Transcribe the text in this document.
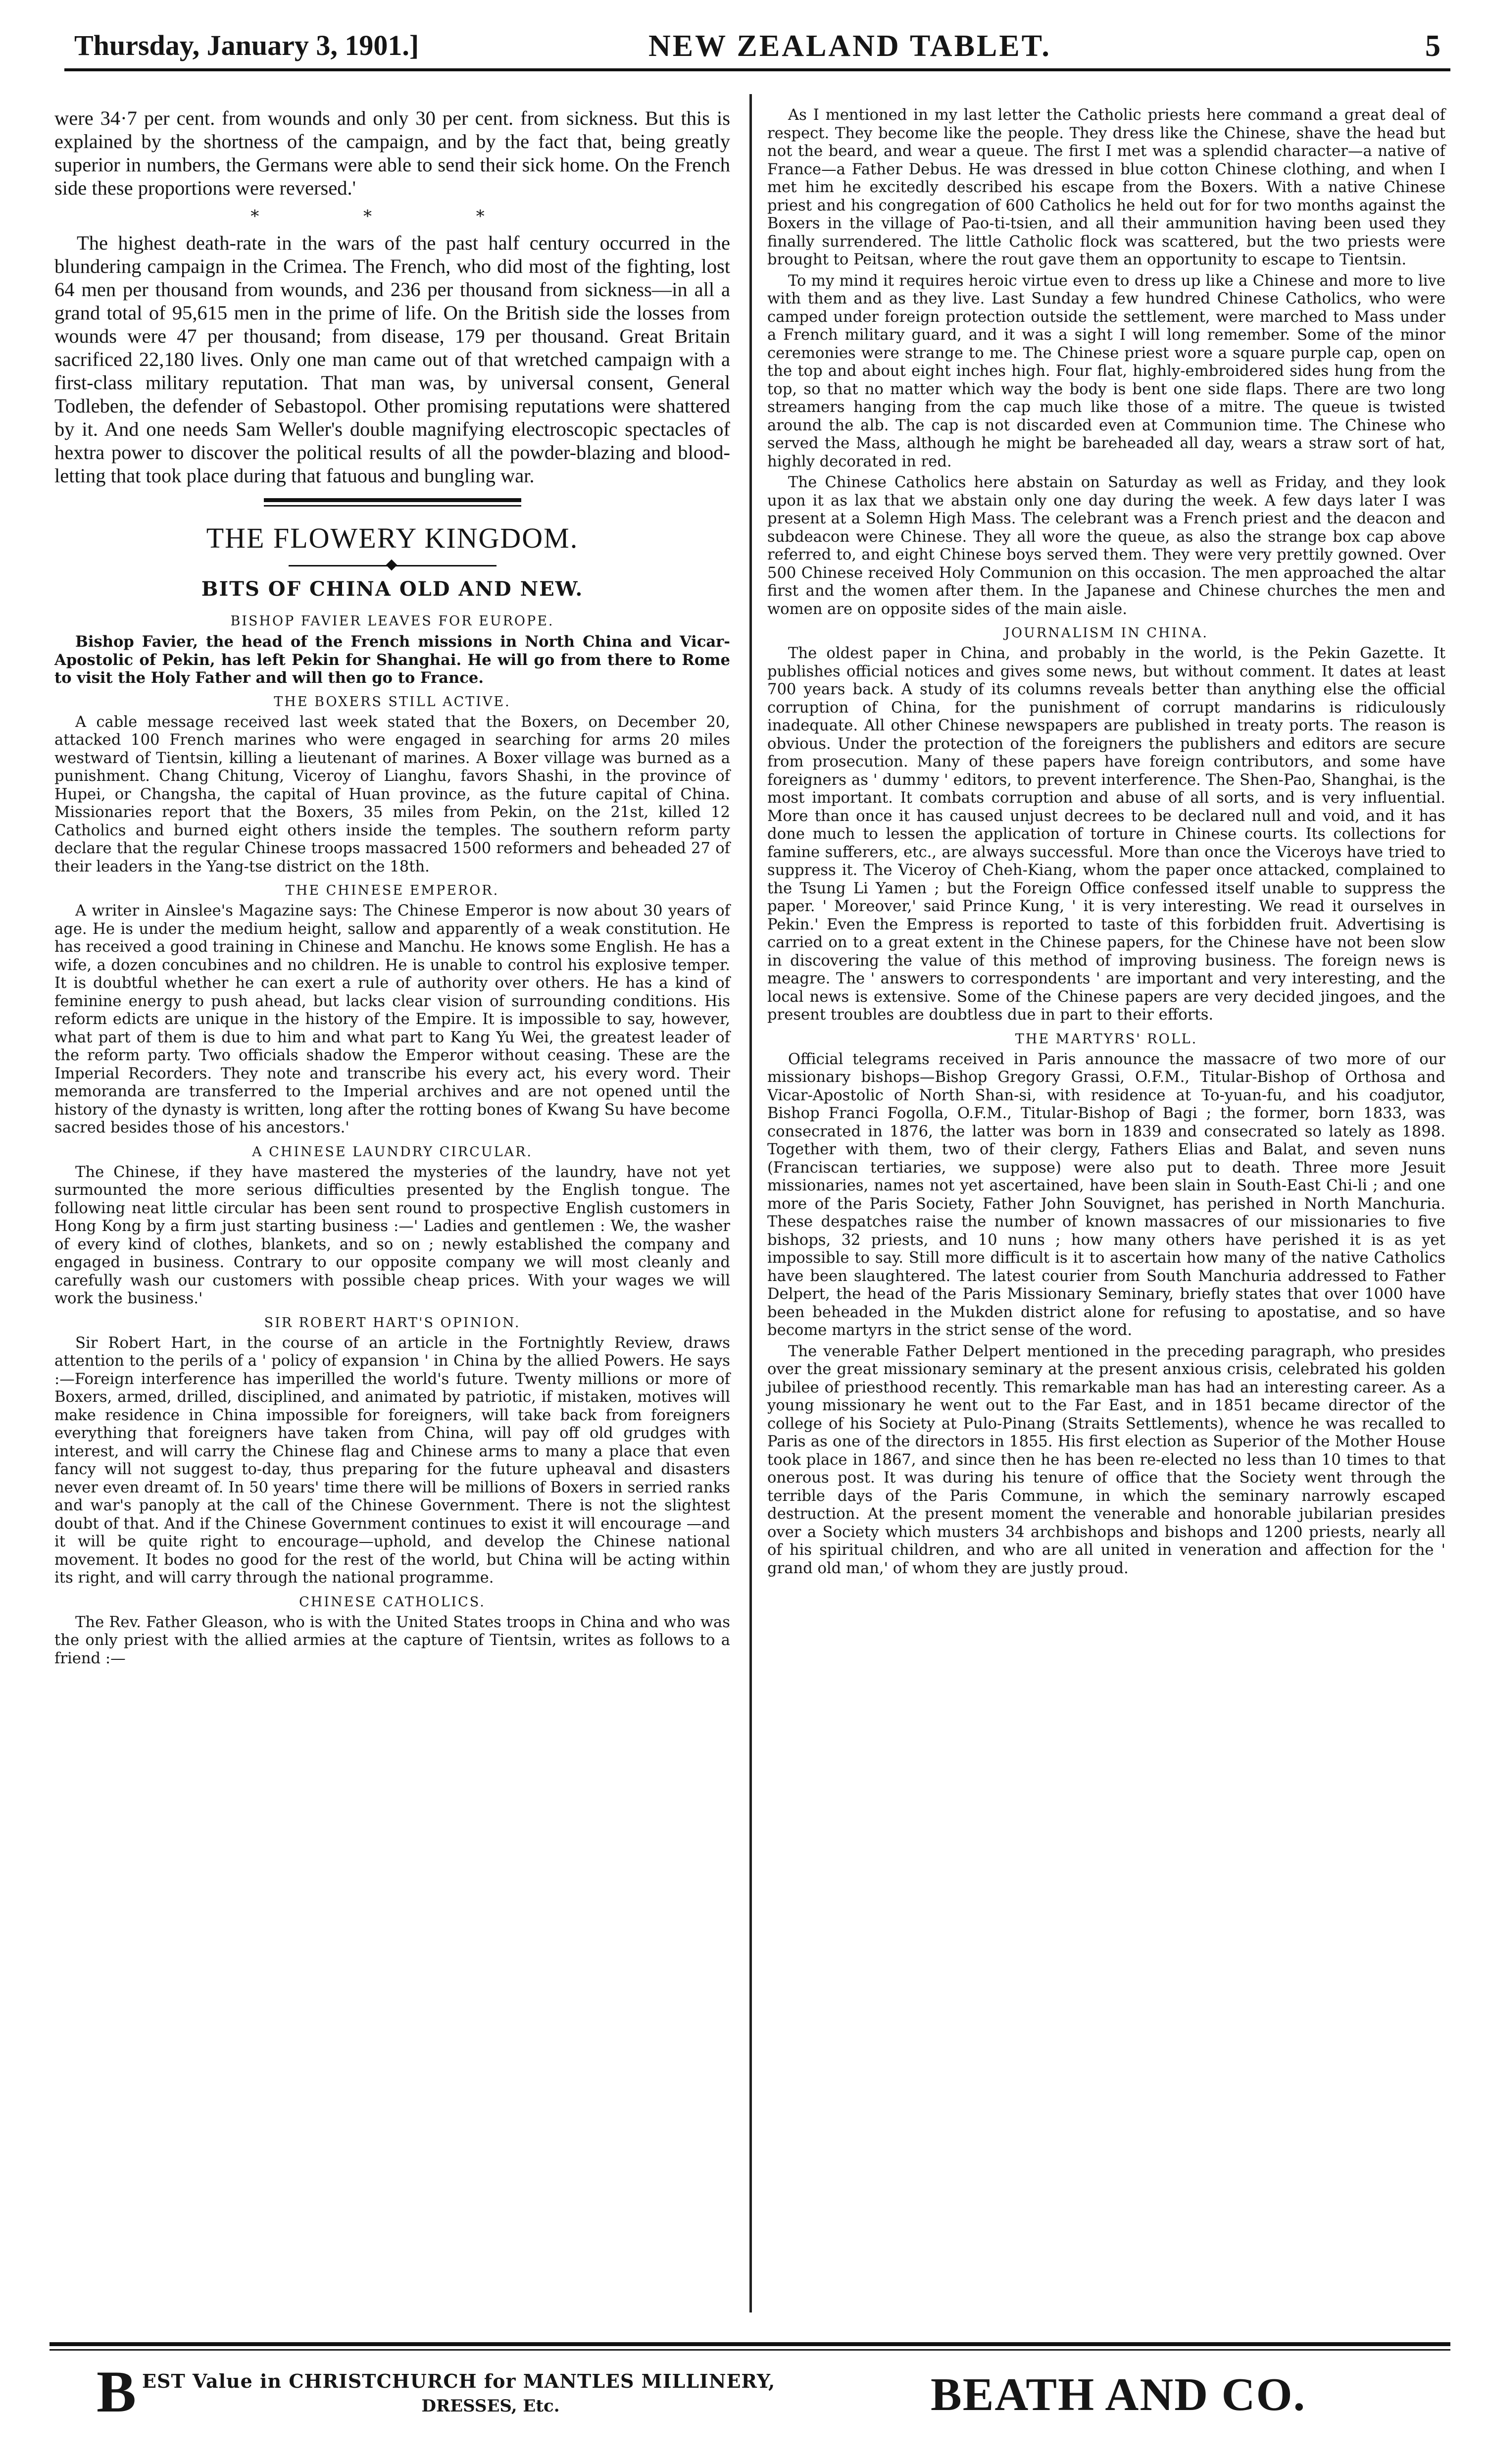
Thursday, January 3, 1901.]	NEW ZEALAND TABLET.	5

were 34·7 per cent. from wounds and only 30 per cent. from sickness. But this is explained by the shortness of the campaign, and by the fact that, being greatly superior in numbers, the Germans were able to send their sick home. On the French side these proportions were reversed.'

* * *

The highest death-rate in the wars of the past half century occurred in the blundering campaign in the Crimea. The French, who did most of the fighting, lost 64 men per thousand from wounds, and 236 per thousand from sickness—in all a grand total of 95,615 men in the prime of life. On the British side the losses from wounds were 47 per thousand; from disease, 179 per thousand. Great Britain sacrificed 22,180 lives. Only one man came out of that wretched campaign with a first-class military reputation. That man was, by universal consent, General Todleben, the defender of Sebastopol. Other promising reputations were shattered by it. And one needs Sam Weller's double magnifying electroscopic spectacles of hextra power to discover the political results of all the powder-blazing and blood-letting that took place during that fatuous and bungling war.

THE FLOWERY KINGDOM.
BITS OF CHINA OLD AND NEW.
BISHOP FAVIER LEAVES FOR EUROPE.

Bishop Favier, the head of the French missions in North China and Vicar-Apostolic of Pekin, has left Pekin for Shanghai. He will go from there to Rome to visit the Holy Father and will then go to France.

THE BOXERS STILL ACTIVE.

A cable message received last week stated that the Boxers, on December 20, attacked 100 French marines who were engaged in searching for arms 20 miles westward of Tientsin, killing a lieutenant of marines. A Boxer village was burned as a punishment. Chang Chitung, Viceroy of Lianghu, favors Shashi, in the province of Hupei, or Changsha, the capital of Huan province, as the future capital of China. Missionaries report that the Boxers, 35 miles from Pekin, on the 21st, killed 12 Catholics and burned eight others inside the temples. The southern reform party declare that the regular Chinese troops massacred 1500 reformers and beheaded 27 of their leaders in the Yang-tse district on the 18th.

THE CHINESE EMPEROR.

A writer in Ainslee's Magazine says: The Chinese Emperor is now about 30 years of age. He is under the medium height, sallow and apparently of a weak constitution. He has received a good training in Chinese and Manchu. He knows some English. He has a wife, a dozen concubines and no children. He is unable to control his explosive temper. It is doubtful whether he can exert a rule of authority over others. He has a kind of feminine energy to push ahead, but lacks clear vision of surrounding conditions. His reform edicts are unique in the history of the Empire. It is impossible to say, however, what part of them is due to him and what part to Kang Yu Wei, the greatest leader of the reform party. Two officials shadow the Emperor without ceasing. These are the Imperial Recorders. They note and transcribe his every act, his every word. Their memoranda are transferred to the Imperial archives and are not opened until the history of the dynasty is written, long after the rotting bones of Kwang Su have become sacred besides those of his ancestors.'

A CHINESE LAUNDRY CIRCULAR.

The Chinese, if they have mastered the mysteries of the laundry, have not yet surmounted the more serious difficulties presented by the English tongue. The following neat little circular has been sent round to prospective English customers in Hong Kong by a firm just starting business :—' Ladies and gentlemen : We, the washer of every kind of clothes, blankets, and so on ; newly established the company and engaged in business. Contrary to our opposite company we will most cleanly and carefully wash our customers with possible cheap prices. With your wages we will work the business.'

SIR ROBERT HART'S OPINION.

Sir Robert Hart, in the course of an article in the Fortnightly Review, draws attention to the perils of a ' policy of expansion ' in China by the allied Powers. He says :—Foreign interference has imperilled the world's future. Twenty millions or more of Boxers, armed, drilled, disciplined, and animated by patriotic, if mistaken, motives will make residence in China impossible for foreigners, will take back from foreigners everything that foreigners have taken from China, will pay off old grudges with interest, and will carry the Chinese flag and Chinese arms to many a place that even fancy will not suggest to-day, thus preparing for the future upheaval and disasters never even dreamt of. In 50 years' time there will be millions of Boxers in serried ranks and war's panoply at the call of the Chinese Government. There is not the slightest doubt of that. And if the Chinese Government continues to exist it will encourage —and it will be quite right to encourage—uphold, and develop the Chinese national movement. It bodes no good for the rest of the world, but China will be acting within its right, and will carry through the national programme.

CHINESE CATHOLICS.

The Rev. Father Gleason, who is with the United States troops in China and who was the only priest with the allied armies at the capture of Tientsin, writes as follows to a friend :—

As I mentioned in my last letter the Catholic priests here command a great deal of respect. They become like the people. They dress like the Chinese, shave the head but not the beard, and wear a queue. The first I met was a splendid character—a native of France—a Father Debus. He was dressed in blue cotton Chinese clothing, and when I met him he excitedly described his escape from the Boxers. With a native Chinese priest and his congregation of 600 Catholics he held out for for two months against the Boxers in the village of Pao-ti-tsien, and all their ammunition having been used they finally surrendered. The little Catholic flock was scattered, but the two priests were brought to Peitsan, where the rout gave them an opportunity to escape to Tientsin.

To my mind it requires heroic virtue even to dress up like a Chinese and more to live with them and as they live. Last Sunday a few hundred Chinese Catholics, who were camped under foreign protection outside the settlement, were marched to Mass under a French military guard, and it was a sight I will long remember. Some of the minor ceremonies were strange to me. The Chinese priest wore a square purple cap, open on the top and about eight inches high. Four flat, highly-embroidered sides hung from the top, so that no matter which way the body is bent one side flaps. There are two long streamers hanging from the cap much like those of a mitre. The queue is twisted around the alb. The cap is not discarded even at Communion time. The Chinese who served the Mass, although he might be bareheaded all day, wears a straw sort of hat, highly decorated in red.

The Chinese Catholics here abstain on Saturday as well as Friday, and they look upon it as lax that we abstain only one day during the week. A few days later I was present at a Solemn High Mass. The celebrant was a French priest and the deacon and subdeacon were Chinese. They all wore the queue, as also the strange box cap above referred to, and eight Chinese boys served them. They were very prettily gowned. Over 500 Chinese received Holy Communion on this occasion. The men approached the altar first and the women after them. In the Japanese and Chinese churches the men and women are on opposite sides of the main aisle.

JOURNALISM IN CHINA.

The oldest paper in China, and probably in the world, is the Pekin Gazette. It publishes official notices and gives some news, but without comment. It dates at least 700 years back. A study of its columns reveals better than anything else the official corruption of China, for the punishment of corrupt mandarins is ridiculously inadequate. All other Chinese newspapers are published in treaty ports. The reason is obvious. Under the protection of the foreigners the publishers and editors are secure from prosecution. Many of these papers have foreign contributors, and some have foreigners as ' dummy ' editors, to prevent interference. The Shen-Pao, Shanghai, is the most important. It combats corruption and abuse of all sorts, and is very influential. More than once it has caused unjust decrees to be declared null and void, and it has done much to lessen the application of torture in Chinese courts. Its collections for famine sufferers, etc., are always successful. More than once the Viceroys have tried to suppress it. The Viceroy of Cheh-Kiang, whom the paper once attacked, complained to the Tsung Li Yamen ; but the Foreign Office confessed itself unable to suppress the paper. ' Moreover,' said Prince Kung, ' it is very interesting. We read it ourselves in Pekin.' Even the Empress is reported to taste of this forbidden fruit. Advertising is carried on to a great extent in the Chinese papers, for the Chinese have not been slow in discovering the value of this method of improving business. The foreign news is meagre. The ' answers to correspondents ' are important and very interesting, and the local news is extensive. Some of the Chinese papers are very decided jingoes, and the present troubles are doubtless due in part to their efforts.

THE MARTYRS' ROLL.

Official telegrams received in Paris announce the massacre of two more of our missionary bishops—Bishop Gregory Grassi, O.F.M., Titular-Bishop of Orthosa and Vicar-Apostolic of North Shan-si, with residence at To-yuan-fu, and his coadjutor, Bishop Franci Fogolla, O.F.M., Titular-Bishop of Bagi ; the former, born 1833, was consecrated in 1876, the latter was born in 1839 and consecrated so lately as 1898. Together with them, two of their clergy, Fathers Elias and Balat, and seven nuns (Franciscan tertiaries, we suppose) were also put to death. Three more Jesuit missionaries, names not yet ascertained, have been slain in South-East Chi-li ; and one more of the Paris Society, Father John Souvignet, has perished in North Manchuria. These despatches raise the number of known massacres of our missionaries to five bishops, 32 priests, and 10 nuns ; how many others have perished it is as yet impossible to say. Still more difficult is it to ascertain how many of the native Catholics have been slaughtered. The latest courier from South Manchuria addressed to Father Delpert, the head of the Paris Missionary Seminary, briefly states that over 1000 have been beheaded in the Mukden district alone for refusing to apostatise, and so have become martyrs in the strict sense of the word.

The venerable Father Delpert mentioned in the preceding paragraph, who presides over the great missionary seminary at the present anxious crisis, celebrated his golden jubilee of priesthood recently. This remarkable man has had an interesting career. As a young missionary he went out to the Far East, and in 1851 became director of the college of his Society at Pulo-Pinang (Straits Settlements), whence he was recalled to Paris as one of the directors in 1855. His first election as Superior of the Mother House took place in 1867, and since then he has been re-elected no less than 10 times to that onerous post. It was during his tenure of office that the Society went through the terrible days of the Paris Commune, in which the seminary narrowly escaped destruction. At the present moment the venerable and honorable jubilarian presides over a Society which musters 34 archbishops and bishops and 1200 priests, nearly all of his spiritual children, and who are all united in veneration and affection for the ' grand old man,' of whom they are justly proud.

B EST Value in CHRISTCHURCH for MANTLES MILLINERY,
DRESSES, Etc.	BEATH AND CO.
